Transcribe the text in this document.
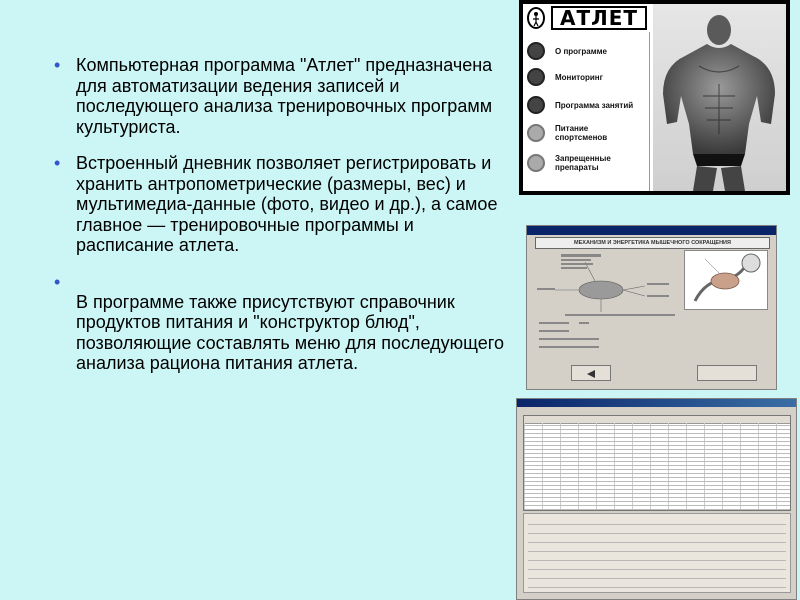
• Компьютерная программа "Атлет" предназначена для автоматизации ведения записей и последующего анализа тренировочных программ культуриста.
• Встроенный дневник позволяет регистрировать и хранить антропометрические (размеры, вес) и мультимедиа-данные (фото, видео и др.), а самое главное — тренировочные программы и расписание атлета.
• В программе также присутствуют справочник продуктов питания и "конструктор блюд", позволяющие составлять меню для последующего анализа рациона питания атлета.
АТЛЕТ
О программе
Мониторинг
Программа занятий
Питание спортсменов
Запрещенные препараты
МЕХАНИЗМ И ЭНЕРГЕТИКА МЫШЕЧНОГО СОКРАЩЕНИЯ
